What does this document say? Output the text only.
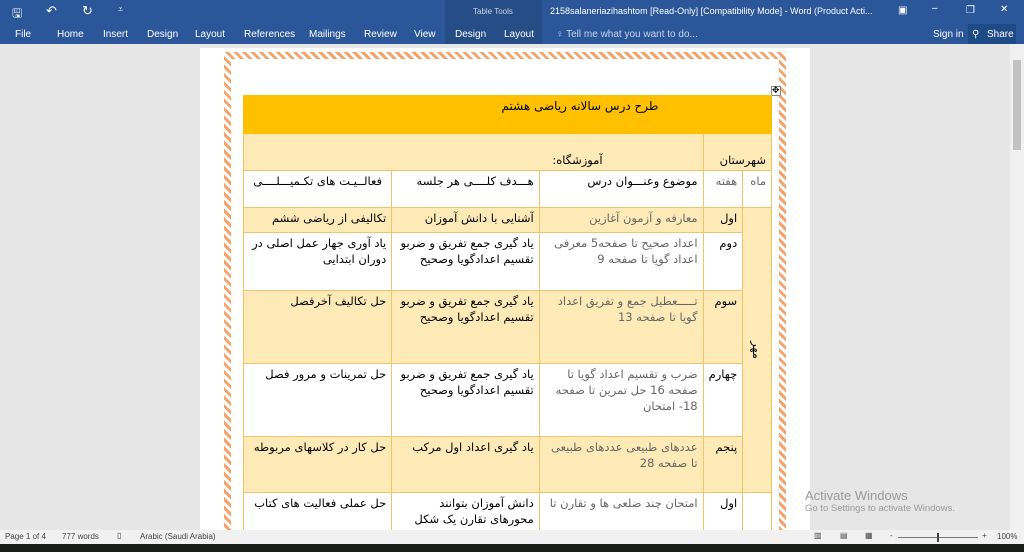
🖫 ↶ ↻	⩡	Table Tools	2158salaneriazihashtom [Read-Only] [Compatibility Mode] - Word (Product Acti...	▣ –	❐	✕
File	Home Insert Design Layout References Mailings Review View Design Layout ♀ Tell me what you want to do...	Sign in ⚲ Share
✥
طرح درس سالانه ریاضی هشتم				
شهرستان		آموزشگاه:		
ماه	هفته	موضوع وعنـــوان درس	هـــدف کلــــی هر جلسه	فعالــیـت های تکـمیـــلــــی
مهر	اول	معارفه و آزمون آغازین	آشنایی با دانش آموزان	تکالیفی از ریاضی ششم
	دوم	اعداد صحیح تا صفحه5 معرفی اعداد گویا تا صفحه 9	یاد گیری جمع تفریق و ضربو تقسیم اعدادگویا وصحیح	یاد آوری جهار عمل اصلی در دوران ابتدایی
	سوم	تـــــعطیل جمع و تفریق اعداد گویا تا صفحه 13	یاد گیری جمع تفریق و ضربو تقسیم اعدادگویا وصحیح	حل تکالیف آخرفصل
	چهارم	ضرب و تقسیم اعداد گویا تا صفحه 16 حل تمرین تا صفحه 18- امتحان	یاد گیری جمع تفریق و ضربو تقسیم اعدادگویا وصحیح	حل تمرینات و مرور فصل
	پنجم	عددهای طبیعی عددهای طبیعی تا صفحه 28	یاد گیری اعداد اول مرکب	حل کار در کلاسهای مربوطه
	اول	امتحان چند ضلعی ها و تقارن تا	دانش آموزان بتوانند محورهای تقارن یک شکل	حل عملی فعالیت های کتاب	Activate Windows
Go to Settings to activate Windows.
Page 1 of 4 777 words ▯ Arabic (Saudi Arabia)	▥ ▤ ▦ -	+ 100%
